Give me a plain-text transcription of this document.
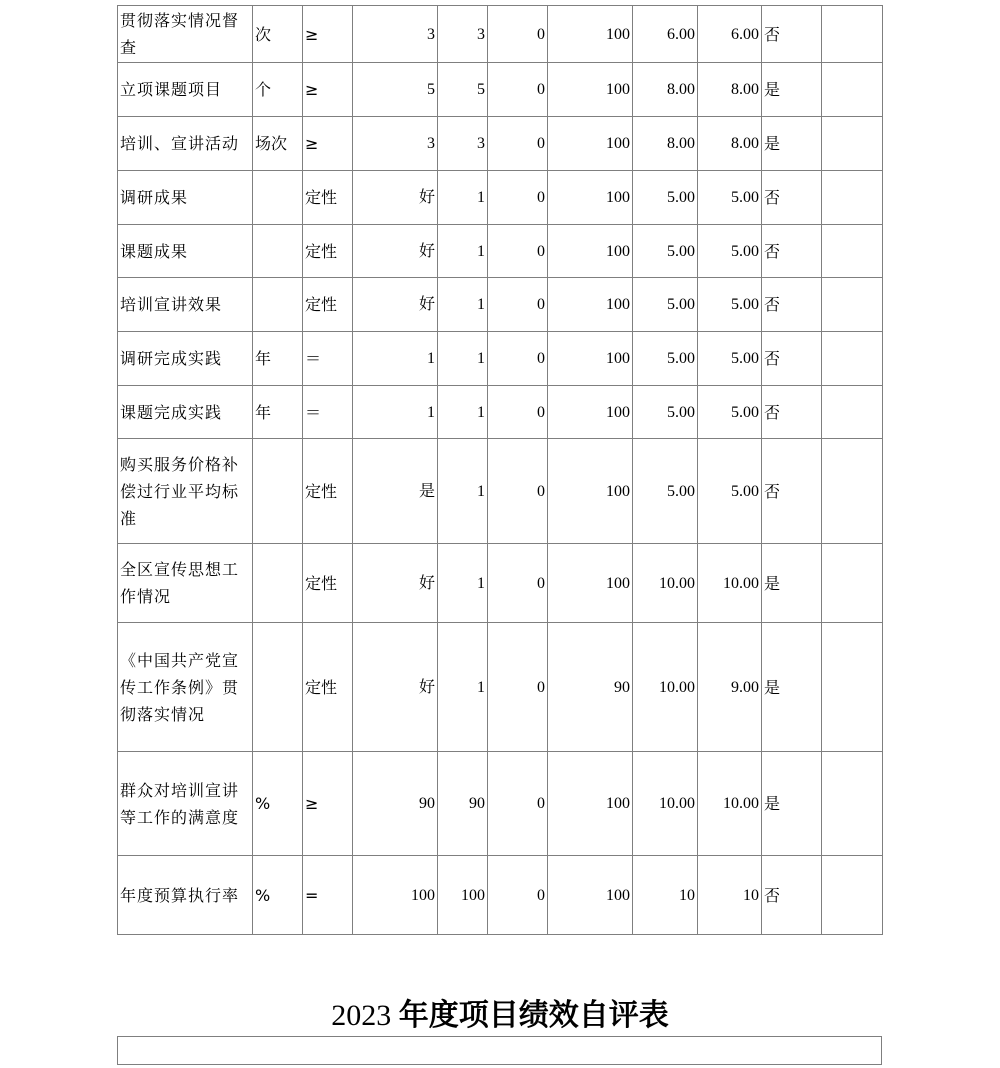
贯彻落实情况督查	次	≥	3	3	0	100	6.00	6.00	否	
立项课题项目	个	≥	5	5	0	100	8.00	8.00	是	
培训、宣讲活动	场次	≥	3	3	0	100	8.00	8.00	是	
调研成果		定性	好	1	0	100	5.00	5.00	否	
课题成果		定性	好	1	0	100	5.00	5.00	否	
培训宣讲效果		定性	好	1	0	100	5.00	5.00	否	
调研完成实践	年	＝	1	1	0	100	5.00	5.00	否	
课题完成实践	年	＝	1	1	0	100	5.00	5.00	否	
购买服务价格补偿过行业平均标准		定性	是	1	0	100	5.00	5.00	否	
全区宣传思想工作情况		定性	好	1	0	100	10.00	10.00	是	
《中国共产党宣传工作条例》贯彻落实情况		定性	好	1	0	90	10.00	9.00	是	
群众对培训宣讲等工作的满意度	%	≥	90	90	0	100	10.00	10.00	是	
年度预算执行率	%	=	100	100	0	100	10	10	否	
2023 年度项目绩效自评表
